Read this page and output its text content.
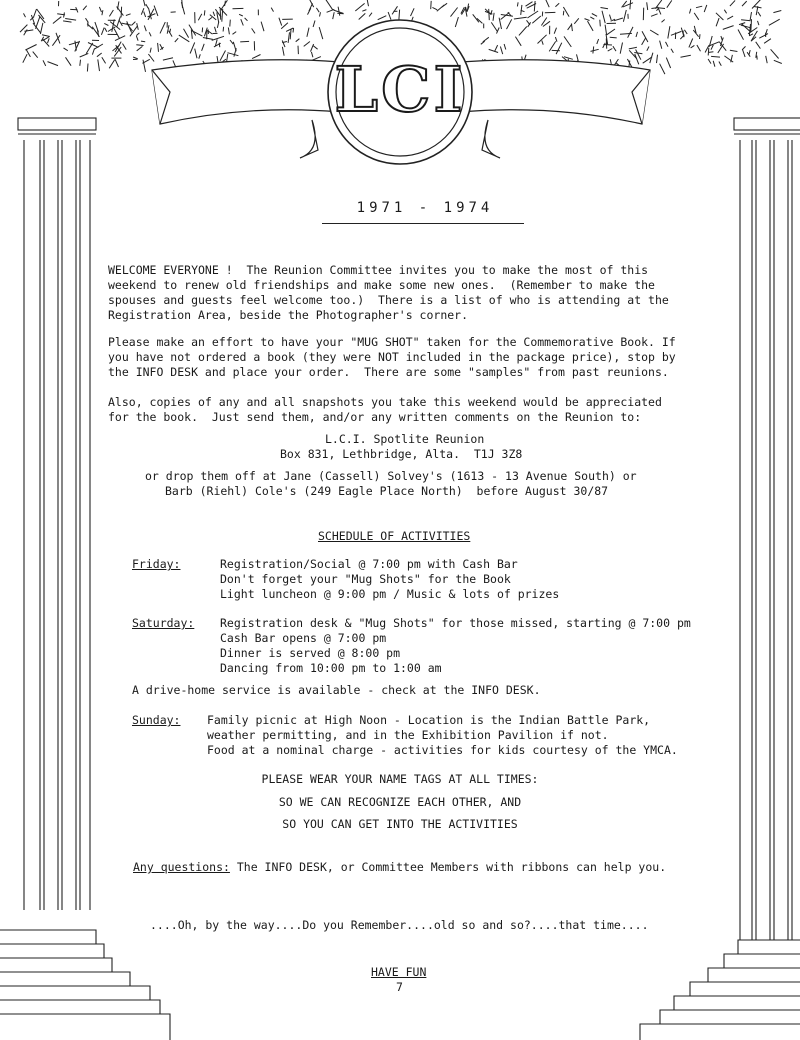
LCI
1971 - 1974
WELCOME EVERYONE !  The Reunion Committee invites you to make the most of this
weekend to renew old friendships and make some new ones.  (Remember to make the
spouses and guests feel welcome too.)  There is a list of who is attending at the
Registration Area, beside the Photographer's corner.
Please make an effort to have your "MUG SHOT" taken for the Commemorative Book. If
you have not ordered a book (they were NOT included in the package price), stop by
the INFO DESK and place your order.  There are some "samples" from past reunions.
Also, copies of any and all snapshots you take this weekend would be appreciated
for the book.  Just send them, and/or any written comments on the Reunion to:
L.C.I. Spotlite Reunion
Box 831, Lethbridge, Alta.  T1J 3Z8
or drop them off at Jane (Cassell) Solvey's (1613 - 13 Avenue South) or
Barb (Riehl) Cole's (249 Eagle Place North)  before August 30/87
SCHEDULE OF ACTIVITIES
Friday:	Registration/Social @ 7:00 pm with Cash Bar
Don't forget your "Mug Shots" for the Book
Light luncheon @ 9:00 pm / Music & lots of prizes
Saturday: Registration desk & "Mug Shots" for those missed, starting @ 7:00 pm
Cash Bar opens @ 7:00 pm
Dinner is served @ 8:00 pm
Dancing from 10:00 pm to 1:00 am
A drive-home service is available - check at the INFO DESK.
Sunday: Family picnic at High Noon - Location is the Indian Battle Park,
weather permitting, and in the Exhibition Pavilion if not.
Food at a nominal charge - activities for kids courtesy of the YMCA.
PLEASE WEAR YOUR NAME TAGS AT ALL TIMES:
SO WE CAN RECOGNIZE EACH OTHER, AND
SO YOU CAN GET INTO THE ACTIVITIES
Any questions: The INFO DESK, or Committee Members with ribbons can help you.
....Oh, by the way....Do you Remember....old so and so?....that time....
HAVE FUN
7
